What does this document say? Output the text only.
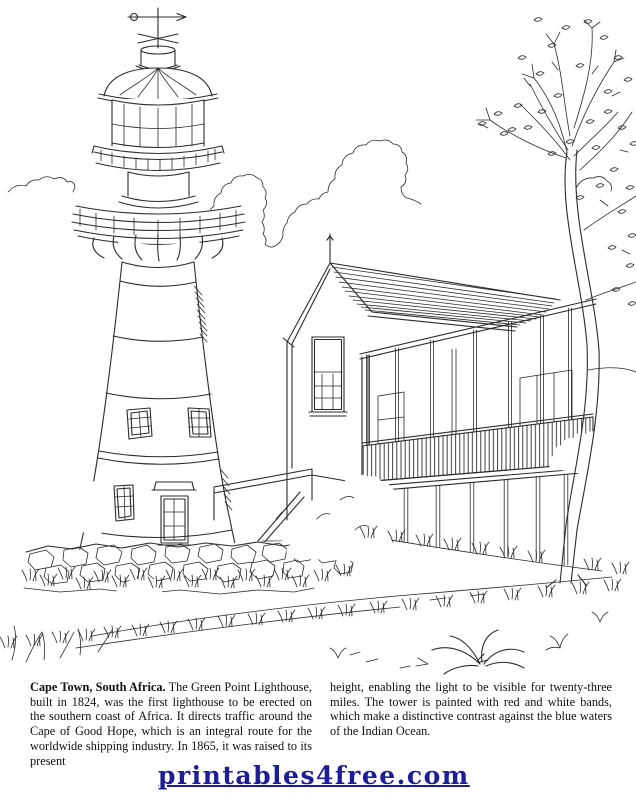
Cape Town, South Africa. The Green Point Lighthouse, built in 1824, was the first lighthouse to be erected on the southern coast of Africa. It directs traffic around the Cape of Good Hope, which is an integral route for the worldwide shipping industry. In 1865, it was raised to its present

height, enabling the light to be visible for twenty-three miles. The tower is painted with red and white bands, which make a distinctive contrast against the blue waters of the Indian Ocean.

printables4free.com
